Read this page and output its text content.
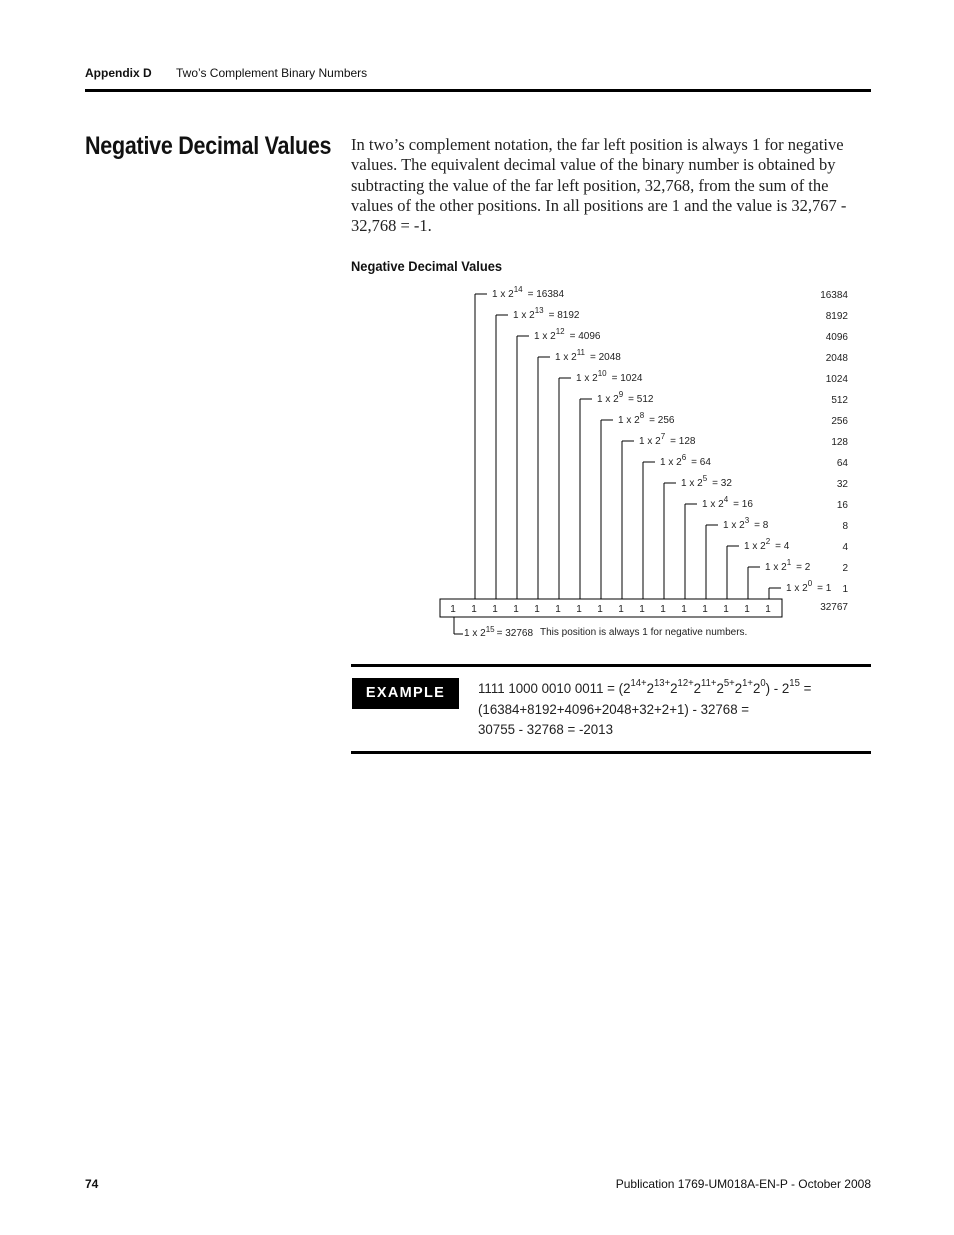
Appendix D Two’s Complement Binary Numbers
Negative Decimal Values In two’s complement notation, the far left position is always 1 for negative values. The equivalent decimal value of the binary number is obtained by subtracting the value of the far left position, 32,768, from the sum of the values of the other positions. In all positions are 1 and the value is 32,767 - 32,768 = -1.
Negative Decimal Values
1 1 1 1 1 1 1 1 1 1 1 1 1 1 1 1
1 x $2^{14} = 16384$	16384
1 x $2^{13} = 8192$	8192
1 x $2^{12} = 4096$	4096
1 x $2^{11} = 2048$	2048
1 x $2^{10} = 1024$	1024
1 x $2^9 = 512$	512
1 x $2^8 = 256$	256
1 x $2^7 = 128$	128
1 x $2^6 = 64$	64
1 x $2^5 = 32$	32
1 x $2^4 = 16$	16
1 x $2^3 = 8$	8
1 x $2^2 = 4$	4
1 x $2^1 = 2$	2
1 x $2^0 = 1$ 1
32767
1 x $2^{15} = 32768$ This position is always 1 for negative numbers.
EXAMPLE	1111 1000 0010 $0011 = (2^{14+}2^{13+}2^{12+}2^{11+}2^{5+}2^{1+}2^0) - 2^{15}$ =
(16384+8192+4096+2048+32+2+1) - 32768 =
30755 - 32768 = -2013
74	Publication 1769-UM018A-EN-P - October 2008
